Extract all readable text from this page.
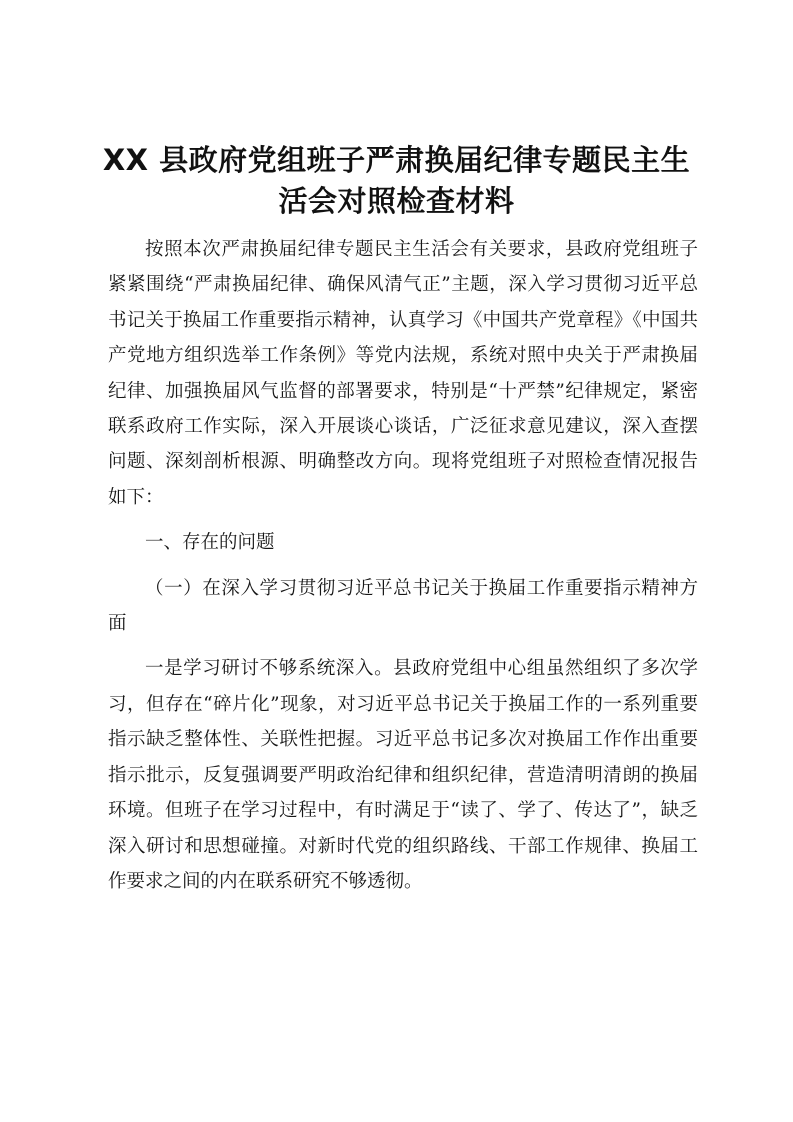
XX 县政府党组班子严肃换届纪律专题民主生
活会对照检查材料

按照本次严肃换届纪律专题民主生活会有关要求，县政府党组班子紧紧围绕“严肃换届纪律、确保风清气正”主题，深入学习贯彻习近平总书记关于换届工作重要指示精神，认真学习《中国共产党章程》《中国共产党地方组织选举工作条例》等党内法规，系统对照中央关于严肃换届纪律、加强换届风气监督的部署要求，特别是“十严禁”纪律规定，紧密联系政府工作实际，深入开展谈心谈话，广泛征求意见建议，深入查摆问题、深刻剖析根源、明确整改方向。现将党组班子对照检查情况报告如下：

一、存在的问题

（一）在深入学习贯彻习近平总书记关于换届工作重要指示精神方面

一是学习研讨不够系统深入。县政府党组中心组虽然组织了多次学习，但存在“碎片化”现象，对习近平总书记关于换届工作的一系列重要指示缺乏整体性、关联性把握。习近平总书记多次对换届工作作出重要指示批示，反复强调要严明政治纪律和组织纪律，营造清明清朗的换届环境。但班子在学习过程中，有时满足于“读了、学了、传达了”，缺乏深入研讨和思想碰撞。对新时代党的组织路线、干部工作规律、换届工作要求之间的内在联系研究不够透彻。
